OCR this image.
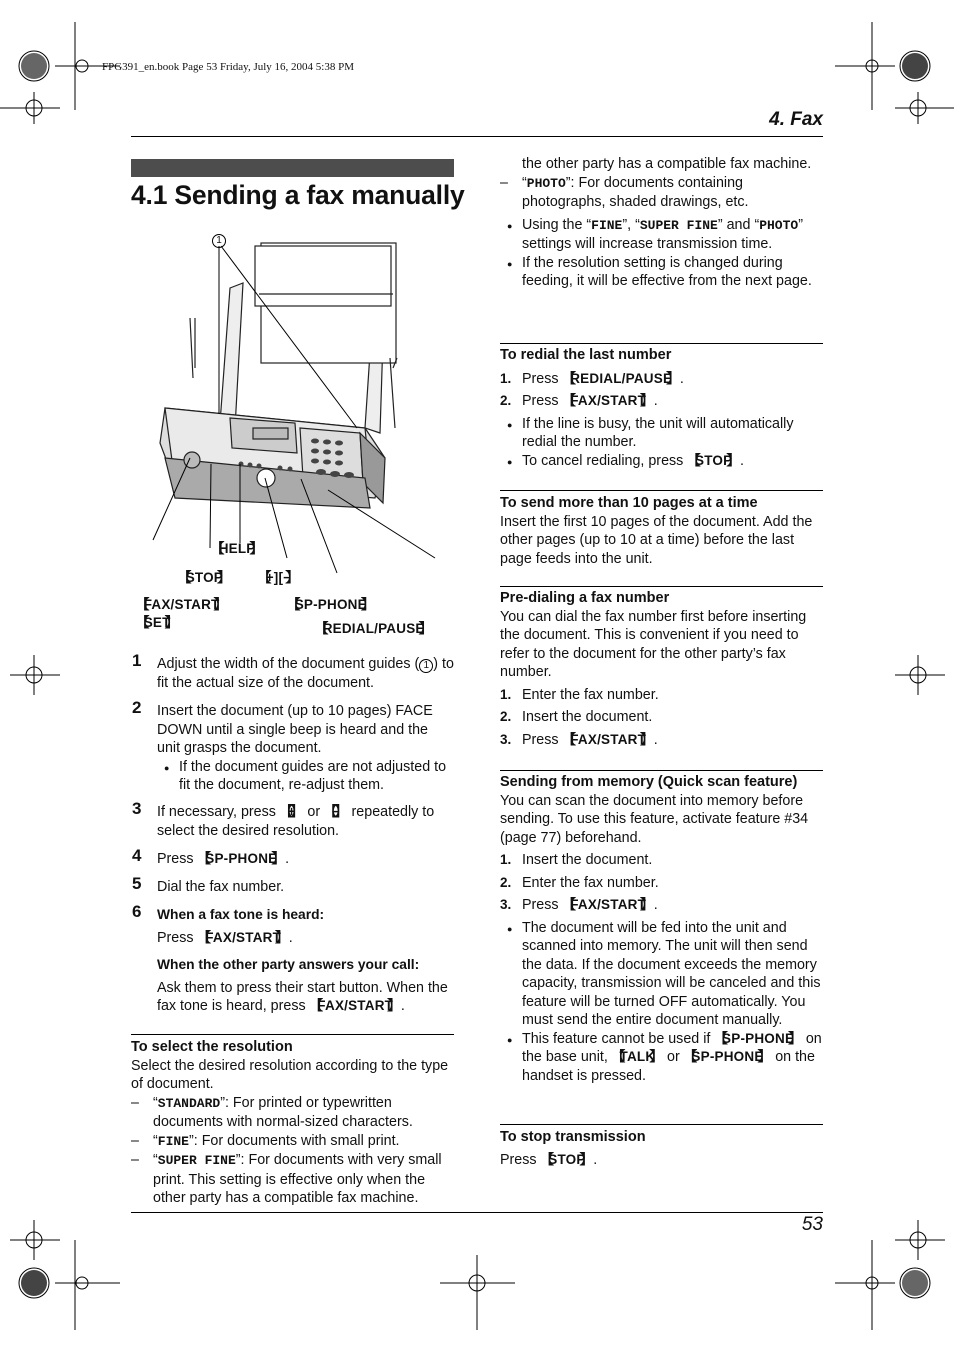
FPG391_en.book Page 53 Friday, July 16, 2004 5:38 PM
4. Fax
4.1 Sending a fax manually
1
【 HELP 】
【 STOP 】
【	+][− 】
【 FAX/START 】
【 SET 】
【 SP-PHONE 】
【 REDIAL/PAUSE 】
1 Adjust the width of the document guides ( 1 ) to fit the actual size of the document.

2 Insert the document (up to 10 pages) FACE DOWN until a single beep is heard and the unit grasps the document.

● If the document guides are not adjusted to fit the document, re-adjust them.

3 If necessary, press 【 + 】 or 【 − 】 repeatedly to select the desired resolution.

4 Press 【 SP-PHONE 】 .

5 Dial the fax number.

6 When a fax tone is heard:

Press 【 FAX/START 】 .

When the other party answers your call:

Ask them to press their start button. When the fax tone is heard, press 【 FAX/START 】 .

To select the resolution

Select the desired resolution according to the type of document.

– “STANDARD”: For printed or typewritten documents with normal-sized characters.

– “FINE”: For documents with small print.

– “SUPER FINE”: For documents with very small print. This setting is effective only when the other party has a compatible fax machine.

the other party has a compatible fax machine.

– “PHOTO”: For documents containing photographs, shaded drawings, etc.

● Using the “FINE”, “SUPER FINE” and “PHOTO” settings will increase transmission time.

● If the resolution setting is changed during feeding, it will be effective from the next page.

To redial the last number

1. Press 【 REDIAL/PAUSE 】 .

2. Press 【 FAX/START 】 .

● If the line is busy, the unit will automatically redial the number.

● To cancel redialing, press 【 STOP 】 .

To send more than 10 pages at a time

Insert the first 10 pages of the document. Add the other pages (up to 10 at a time) before the last page feeds into the unit.

Pre-dialing a fax number

You can dial the fax number first before inserting the document. This is convenient if you need to refer to the document for the other party’s fax number.

1. Enter the fax number.

2. Insert the document.

3. Press 【 FAX/START 】 .

Sending from memory (Quick scan feature)

You can scan the document into memory before sending. To use this feature, activate feature #34 (page 77) beforehand.

1. Insert the document.

2. Enter the fax number.

3. Press 【 FAX/START 】 .

● The document will be fed into the unit and scanned into memory. The unit will then send the data. If the document exceeds the memory capacity, transmission will be canceled and this feature will be turned OFF automatically. You must send the entire document manually.

● This feature cannot be used if 【 SP-PHONE 】 on the base unit, 【 TALK 】 or 【 SP-PHONE 】 on the handset is pressed.

To stop transmission

Press 【 STOP 】 .

53
